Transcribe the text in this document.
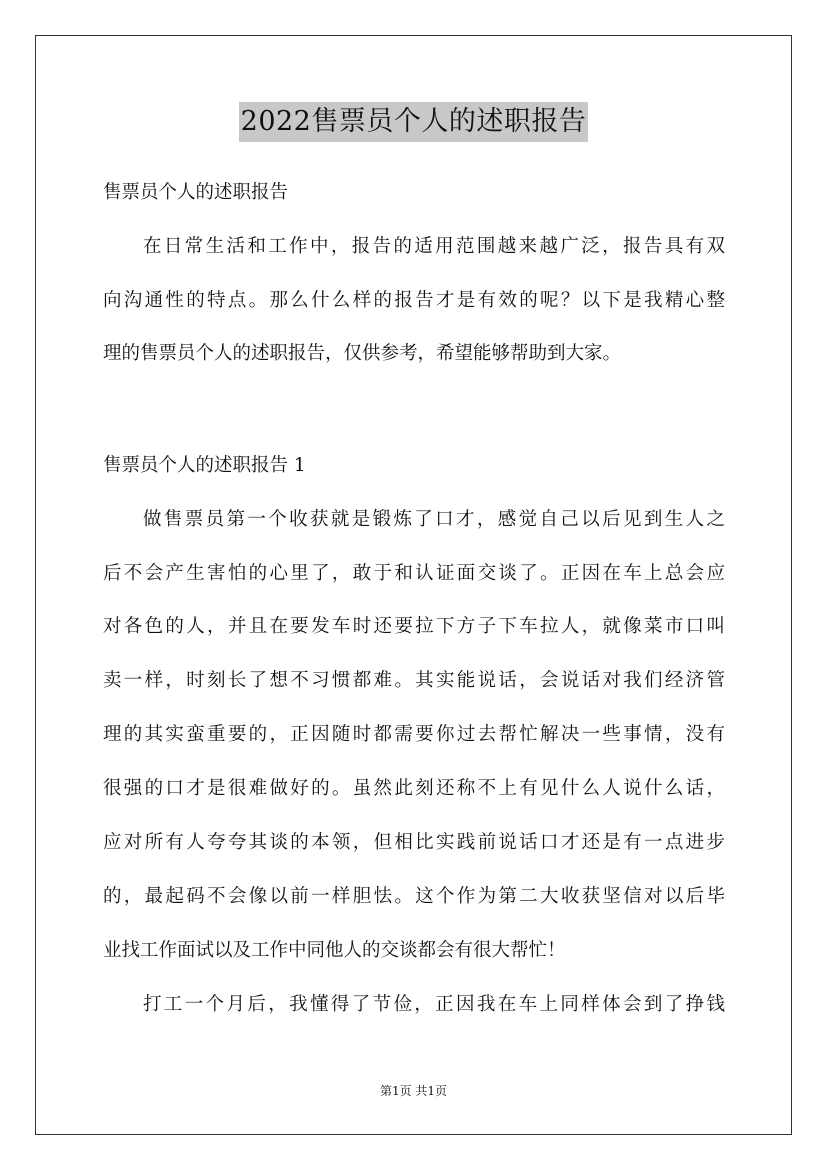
2022售票员个人的述职报告
售票员个人的述职报告
在日常生活和工作中，报告的适用范围越来越广泛，报告具有双
向沟通性的特点。那么什么样的报告才是有效的呢？以下是我精心整
理的售票员个人的述职报告，仅供参考，希望能够帮助到大家。
售票员个人的述职报告 1
做售票员第一个收获就是锻炼了口才，感觉自己以后见到生人之
后不会产生害怕的心里了，敢于和认证面交谈了。正因在车上总会应
对各色的人，并且在要发车时还要拉下方子下车拉人，就像菜市口叫
卖一样，时刻长了想不习惯都难。其实能说话，会说话对我们经济管
理的其实蛮重要的，正因随时都需要你过去帮忙解决一些事情，没有
很强的口才是很难做好的。虽然此刻还称不上有见什么人说什么话，
应对所有人夸夸其谈的本领，但相比实践前说话口才还是有一点进步
的，最起码不会像以前一样胆怯。这个作为第二大收获坚信对以后毕
业找工作面试以及工作中同他人的交谈都会有很大帮忙！
打工一个月后，我懂得了节俭，正因我在车上同样体会到了挣钱
第1页 共1页
